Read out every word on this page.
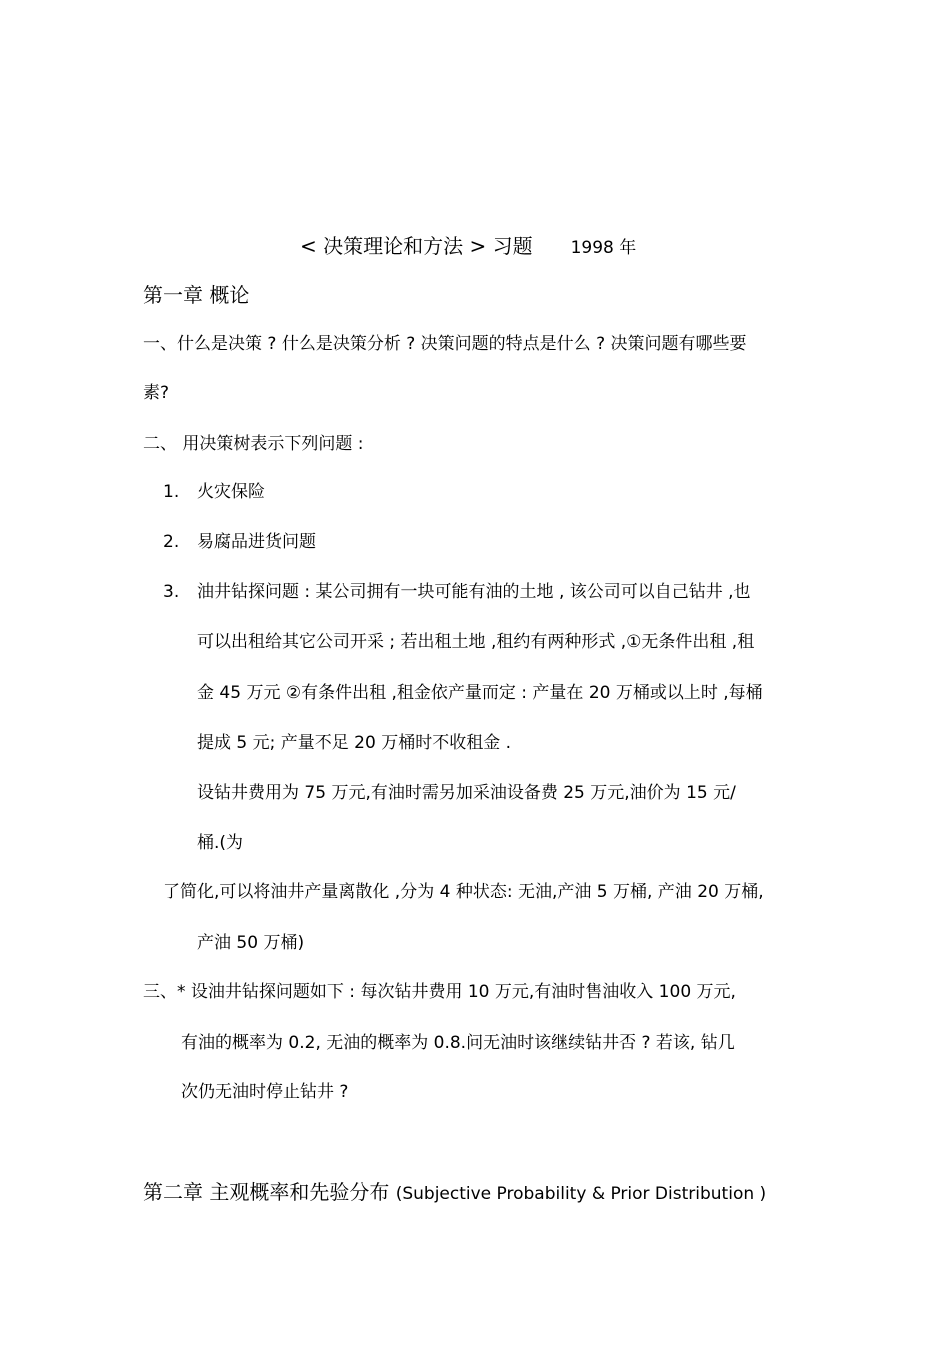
< 决策理论和方法 > 习题 1998 年
第一章 概论
一、什么是决策 ? 什么是决策分析 ? 决策问题的特点是什么 ? 决策问题有哪些要
素?
二、 用决策树表示下列问题 :
1. 火灾保险
2. 易腐品进货问题
3. 油井钻探问题 : 某公司拥有一块可能有油的土地 , 该公司可以自己钻井 ,也
可以出租给其它公司开采 ; 若出租土地 ,租约有两种形式 ,①无条件出租 ,租
金 45 万元 ②有条件出租 ,租金依产量而定 : 产量在 20 万桶或以上时 ,每桶
提成 5 元; 产量不足 20 万桶时不收租金 .
设钻井费用为 75 万元,有油时需另加采油设备费 25 万元,油价为 15 元/
桶.(为
了简化,可以将油井产量离散化 ,分为 4 种状态: 无油,产油 5 万桶, 产油 20 万桶,
产油 50 万桶)
三、* 设油井钻探问题如下 : 每次钻井费用 10 万元,有油时售油收入 100 万元,
有油的概率为 0.2, 无油的概率为 0.8.问无油时该继续钻井否 ? 若该, 钻几
次仍无油时停止钻井 ?
第二章 主观概率和先验分布 (Subjective Probability & Prior Distribution )
